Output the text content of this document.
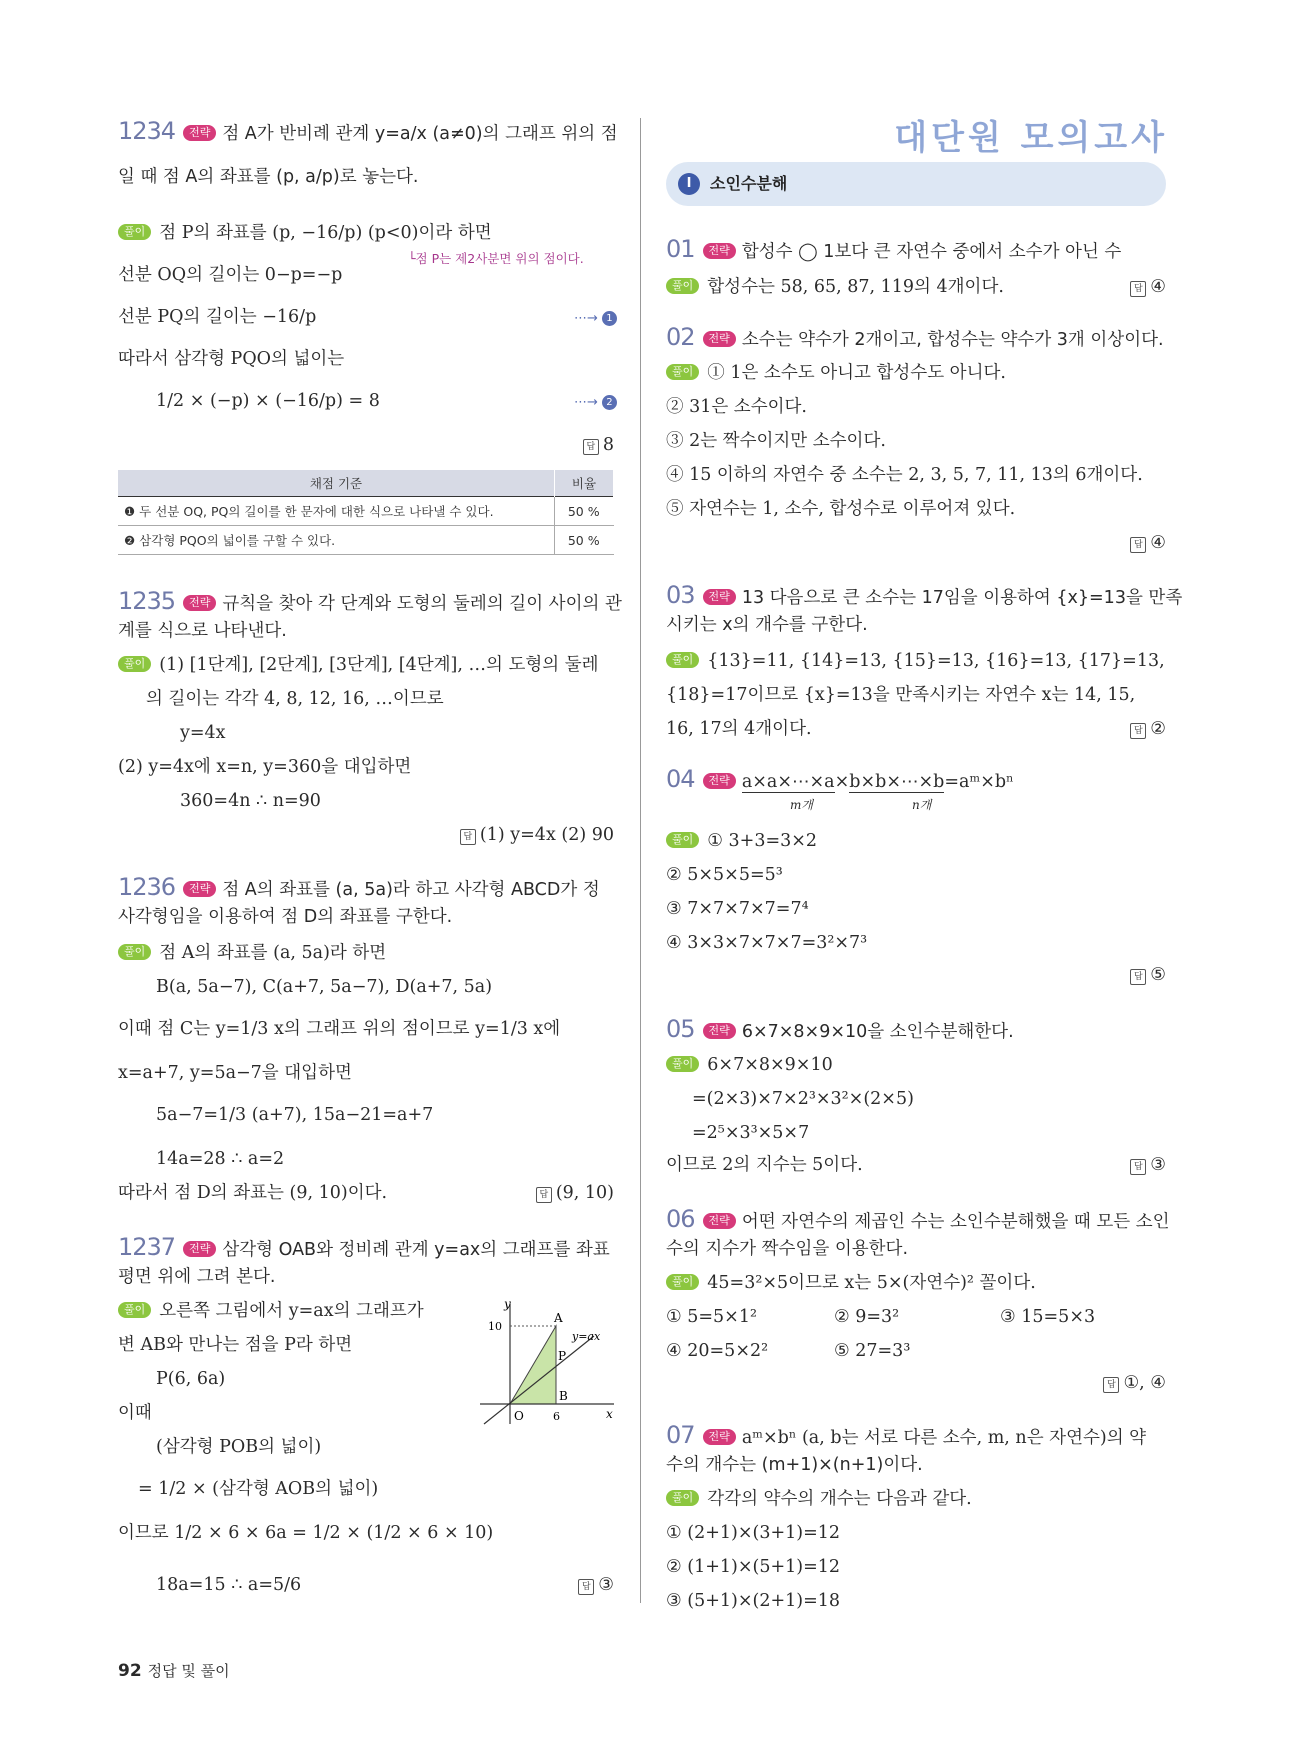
대단원 모의고사
1234 전략 점 A가 반비례 관계 y=a/x (a≠0)의 그래프 위의 점
일 때 점 A의 좌표를 (p, a/p)로 놓는다.
풀이 점 P의 좌표를 (p, −16/p) (p<0)이라 하면
└점 P는 제2사분면 위의 점이다.
선분 OQ의 길이는 0−p=−p
선분 PQ의 길이는 −16/p	⋯→ 1
따라서 삼각형 PQO의 넓이는
1/2 × (−p) × (−16/p) = 8	⋯→ 2
답 8
채점 기준	비율
❶ 두 선분 OQ, PQ의 길이를 한 문자에 대한 식으로 나타낼 수 있다.	50 %
❷ 삼각형 PQO의 넓이를 구할 수 있다.	50 %
1235 전략 규칙을 찾아 각 단계와 도형의 둘레의 길이 사이의 관
계를 식으로 나타낸다.
풀이 (1) [1단계], [2단계], [3단계], [4단계], …의 도형의 둘레
의 길이는 각각 4, 8, 12, 16, …이므로
y=4x
(2) y=4x에 x=n, y=360을 대입하면
360=4n ∴ n=90
답 (1) y=4x (2) 90
1236 전략 점 A의 좌표를 (a, 5a)라 하고 사각형 ABCD가 정
사각형임을 이용하여 점 D의 좌표를 구한다.
풀이 점 A의 좌표를 (a, 5a)라 하면
B(a, 5a−7), C(a+7, 5a−7), D(a+7, 5a)
이때 점 C는 y=1/3 x의 그래프 위의 점이므로 y=1/3 x에
x=a+7, y=5a−7을 대입하면
5a−7=1/3 (a+7), 15a−21=a+7
14a=28 ∴ a=2
따라서 점 D의 좌표는 (9, 10)이다.	답 (9, 10)
1237 전략 삼각형 OAB와 정비례 관계 y=ax의 그래프를 좌표
평면 위에 그려 본다.
풀이 오른쪽 그림에서 y=ax의 그래프가
변 AB와 만나는 점을 P라 하면
P(6, 6a)
이때
(삼각형 POB의 넓이)
= 1/2 × (삼각형 AOB의 넓이)
이므로 1/2 × 6 × 6a = 1/2 × (1/2 × 6 × 10)
18a=15 ∴ a=5/6	답 ③
y
x
O
A
B
P
10
6
y=ax
I	소인수분해
01 전략 합성수 ◯ 1보다 큰 자연수 중에서 소수가 아닌 수
풀이 합성수는 58, 65, 87, 119의 4개이다.	답 ④
02 전략 소수는 약수가 2개이고, 합성수는 약수가 3개 이상이다.
풀이 ① 1은 소수도 아니고 합성수도 아니다.
② 31은 소수이다.
③ 2는 짝수이지만 소수이다.
④ 15 이하의 자연수 중 소수는 2, 3, 5, 7, 11, 13의 6개이다.
⑤ 자연수는 1, 소수, 합성수로 이루어져 있다.
답 ④
03 전략 13 다음으로 큰 소수는 17임을 이용하여 {x}=13을 만족
시키는 x의 개수를 구한다.
풀이 {13}=11, {14}=13, {15}=13, {16}=13, {17}=13,
{18}=17이므로 {x}=13을 만족시키는 자연수 x는 14, 15,
16, 17의 4개이다.	답 ②
04 전략 a×a×⋯×a×b×b×⋯×b=aᵐ×bⁿ
m개	n개
풀이 ① 3+3=3×2
② 5×5×5=5³
③ 7×7×7×7=7⁴
④ 3×3×7×7×7=3²×7³
답 ⑤
05 전략 6×7×8×9×10을 소인수분해한다.
풀이 6×7×8×9×10
=(2×3)×7×2³×3²×(2×5)
=2⁵×3³×5×7
이므로 2의 지수는 5이다.	답 ③
06 전략 어떤 자연수의 제곱인 수는 소인수분해했을 때 모든 소인
수의 지수가 짝수임을 이용한다.
풀이 45=3²×5이므로 x는 5×(자연수)² 꼴이다.
① 5=5×1²	② 9=3²	③ 15=5×3
④ 20=5×2²	⑤ 27=3³
답 ①, ④
07 전략 aᵐ×bⁿ (a, b는 서로 다른 소수, m, n은 자연수)의 약
수의 개수는 (m+1)×(n+1)이다.
풀이 각각의 약수의 개수는 다음과 같다.
① (2+1)×(3+1)=12
② (1+1)×(5+1)=12
③ (5+1)×(2+1)=18
92 정답 및 풀이
